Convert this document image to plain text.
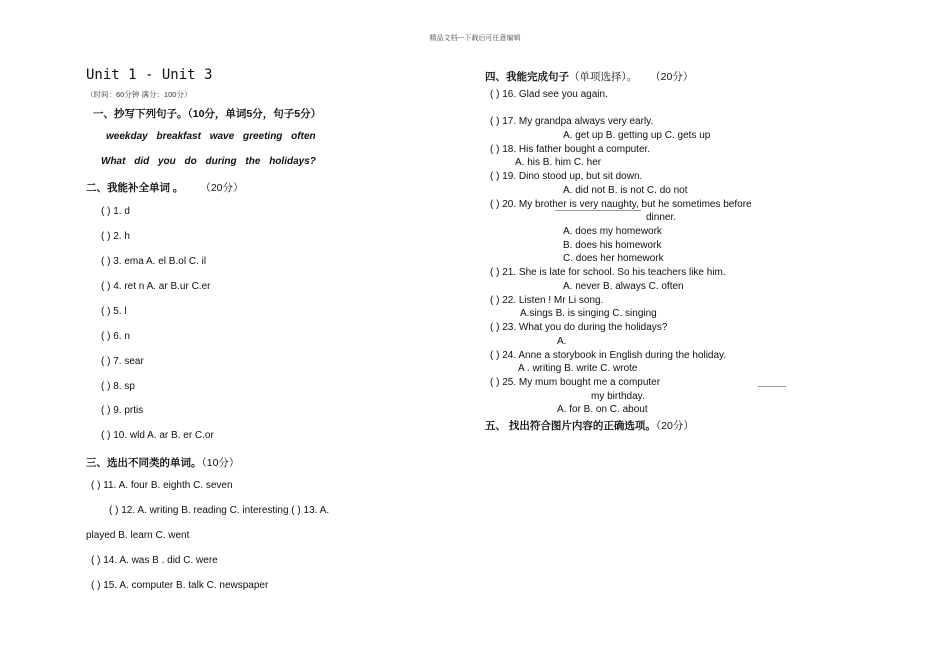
精品文档---下载后可任意编辑
Unit 1 - Unit 3
（时间：60分钟 满分：100分）
一、抄写下列句子。（10分，单词5分，句子5分）
weekday breakfast wave greeting often
What did you do during the holidays?
二、我能补全单词 。 （20分）
( ) 1. d
( ) 2. h
( ) 3. ema A. el B.ol C. il
( ) 4. ret n A. ar B.ur C.er
( ) 5. l
( ) 6. n
( ) 7. sear
( ) 8. sp
( ) 9. prtis
( ) 10. wld A. ar B. er C.or
三、选出不同类的单词。（10分）
( ) 11. A. four B. eighth C. seven
( ) 12. A. writing B. reading C. interesting ( ) 13. A.
played B. learn C. went
( ) 14. A. was B . did C. were
( ) 15. A. computer B. talk C. newspaper
四、我能完成句子（单项选择）。 （20分）
( ) 16. Glad see you again.
( ) 17. My grandpa always very early.
A. get up B. getting up C. gets up
( ) 18. His father bought a computer.
A. his B. him C. her
( ) 19. Dino stood up, but sit down.
A. did not B. is not C. do not
( ) 20. My brother is very naughty, but he sometimes before
dinner.
A. does my homework
B. does his homework
C. does her homework
( ) 21. She is late for school. So his teachers like him.
A. never B. always C. often
( ) 22. Listen ! Mr Li song.
A.sings B. is singing C. singing
( ) 23. What you do during the holidays?
A.
( ) 24. Anne a storybook in English during the holiday.
A . writing B. write C. wrote
( ) 25. My mum bought me a computer
my birthday.
A. for B. on C. about
五、 找出符合图片内容的正确选项。（20分）
